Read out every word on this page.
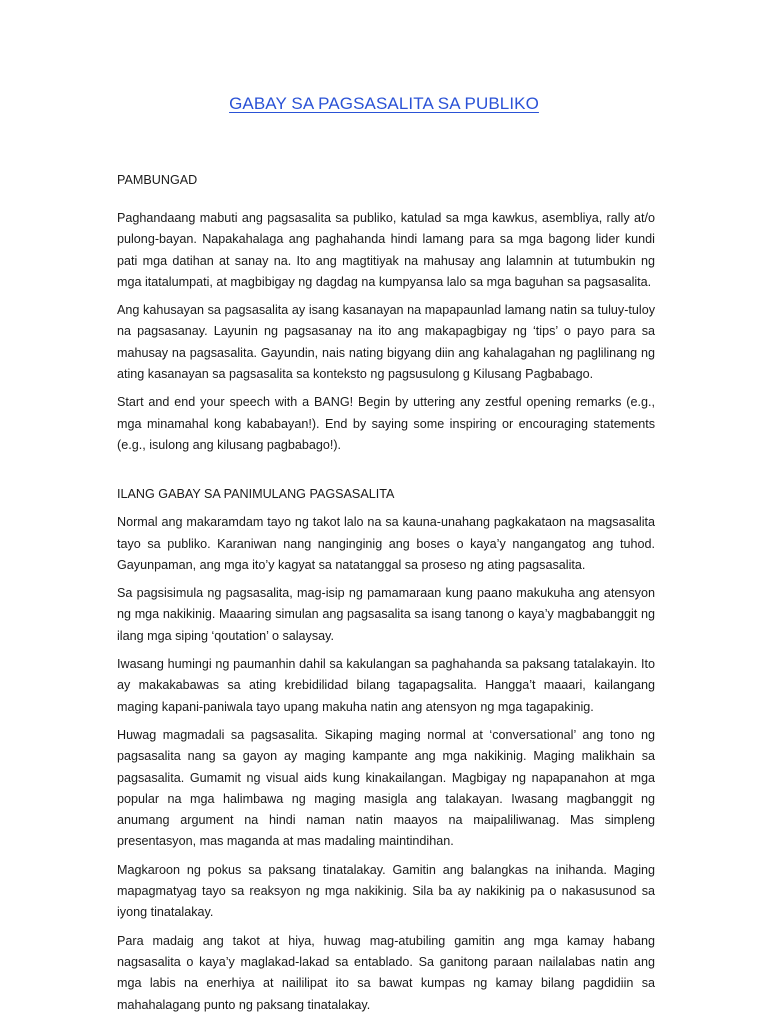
GABAY SA PAGSASALITA SA PUBLIKO

PAMBUNGAD

Paghandaang mabuti ang pagsasalita sa publiko, katulad sa mga kawkus, asembliya, rally at/o pulong-bayan. Napakahalaga ang paghahanda hindi lamang para sa mga bagong lider kundi pati mga datihan at sanay na. Ito ang magtitiyak na mahusay ang lalamnin at tutumbukin ng mga itatalumpati, at magbibigay ng dagdag na kumpyansa lalo sa mga baguhan sa pagsasalita.

Ang kahusayan sa pagsasalita ay isang kasanayan na mapapaunlad lamang natin sa tuluy-tuloy na pagsasanay. Layunin ng pagsasanay na ito ang makapagbigay ng ‘tips’ o payo para sa mahusay na pagsasalita. Gayundin, nais nating bigyang diin ang kahalagahan ng paglilinang ng ating kasanayan sa pagsasalita sa konteksto ng pagsusulong g Kilusang Pagbabago.

Start and end your speech with a BANG! Begin by uttering any zestful opening remarks (e.g., mga minamahal kong kababayan!). End by saying some inspiring or encouraging statements (e.g., isulong ang kilusang pagbabago!).

ILANG GABAY SA PANIMULANG PAGSASALITA

Normal ang makaramdam tayo ng takot lalo na sa kauna-unahang pagkakataon na magsasalita tayo sa publiko. Karaniwan nang nanginginig ang boses o kaya’y nangangatog ang tuhod. Gayunpaman, ang mga ito’y kagyat sa natatanggal sa proseso ng ating pagsasalita.

Sa pagsisimula ng pagsasalita, mag-isip ng pamamaraan kung paano makukuha ang atensyon ng mga nakikinig. Maaaring simulan ang pagsasalita sa isang tanong o kaya’y magbabanggit ng ilang mga siping ‘qoutation’ o salaysay.

Iwasang humingi ng paumanhin dahil sa kakulangan sa paghahanda sa paksang tatalakayin. Ito ay makakabawas sa ating krebidilidad bilang tagapagsalita. Hangga’t maaari, kailangang maging kapani-paniwala tayo upang makuha natin ang atensyon ng mga tagapakinig.

Huwag magmadali sa pagsasalita. Sikaping maging normal at ‘conversational’ ang tono ng pagsasalita nang sa gayon ay maging kampante ang mga nakikinig. Maging malikhain sa pagsasalita. Gumamit ng visual aids kung kinakailangan. Magbigay ng napapanahon at mga popular na mga halimbawa ng maging masigla ang talakayan. Iwasang magbanggit ng anumang argument na hindi naman natin maayos na maipaliliwanag. Mas simpleng presentasyon, mas maganda at mas madaling maintindihan.

Magkaroon ng pokus sa paksang tinatalakay. Gamitin ang balangkas na inihanda. Maging mapagmatyag tayo sa reaksyon ng mga nakikinig. Sila ba ay nakikinig pa o nakasusunod sa iyong tinatalakay.

Para madaig ang takot at hiya, huwag mag-atubiling gamitin ang mga kamay habang nagsasalita o kaya’y maglakad-lakad sa entablado. Sa ganitong paraan nailalabas natin ang mga labis na enerhiya at naililipat ito sa bawat kumpas ng kamay bilang pagdidiin sa mahahalagang punto ng paksang tinatalakay.
